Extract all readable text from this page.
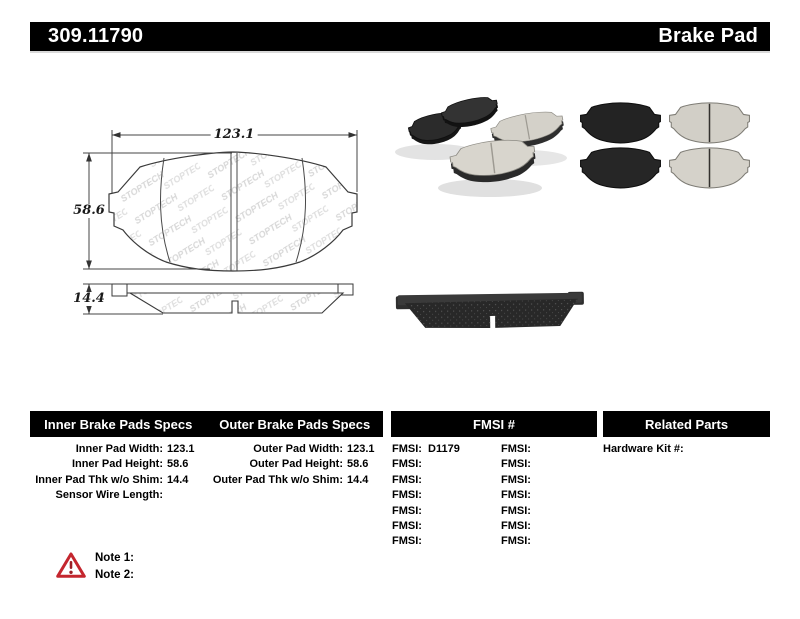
309.11790	Brake Pad
123.1
58.6
14.4
Inner Brake Pads Specs	Outer Brake Pads Specs	FMSI #	Related Parts
Inner Pad Width: 123.1
Inner Pad Height: 58.6
Inner Pad Thk w/o Shim: 14.4
Sensor Wire Length:
Outer Pad Width: 123.1
Outer Pad Height: 58.6
Outer Pad Thk w/o Shim: 14.4
FMSI: D1179
FMSI:
FMSI:
FMSI:
FMSI:
FMSI:
FMSI:
FMSI:
FMSI:
FMSI:
FMSI:
FMSI:
FMSI:
FMSI:
Hardware Kit #:
Note 1:
Note 2:
